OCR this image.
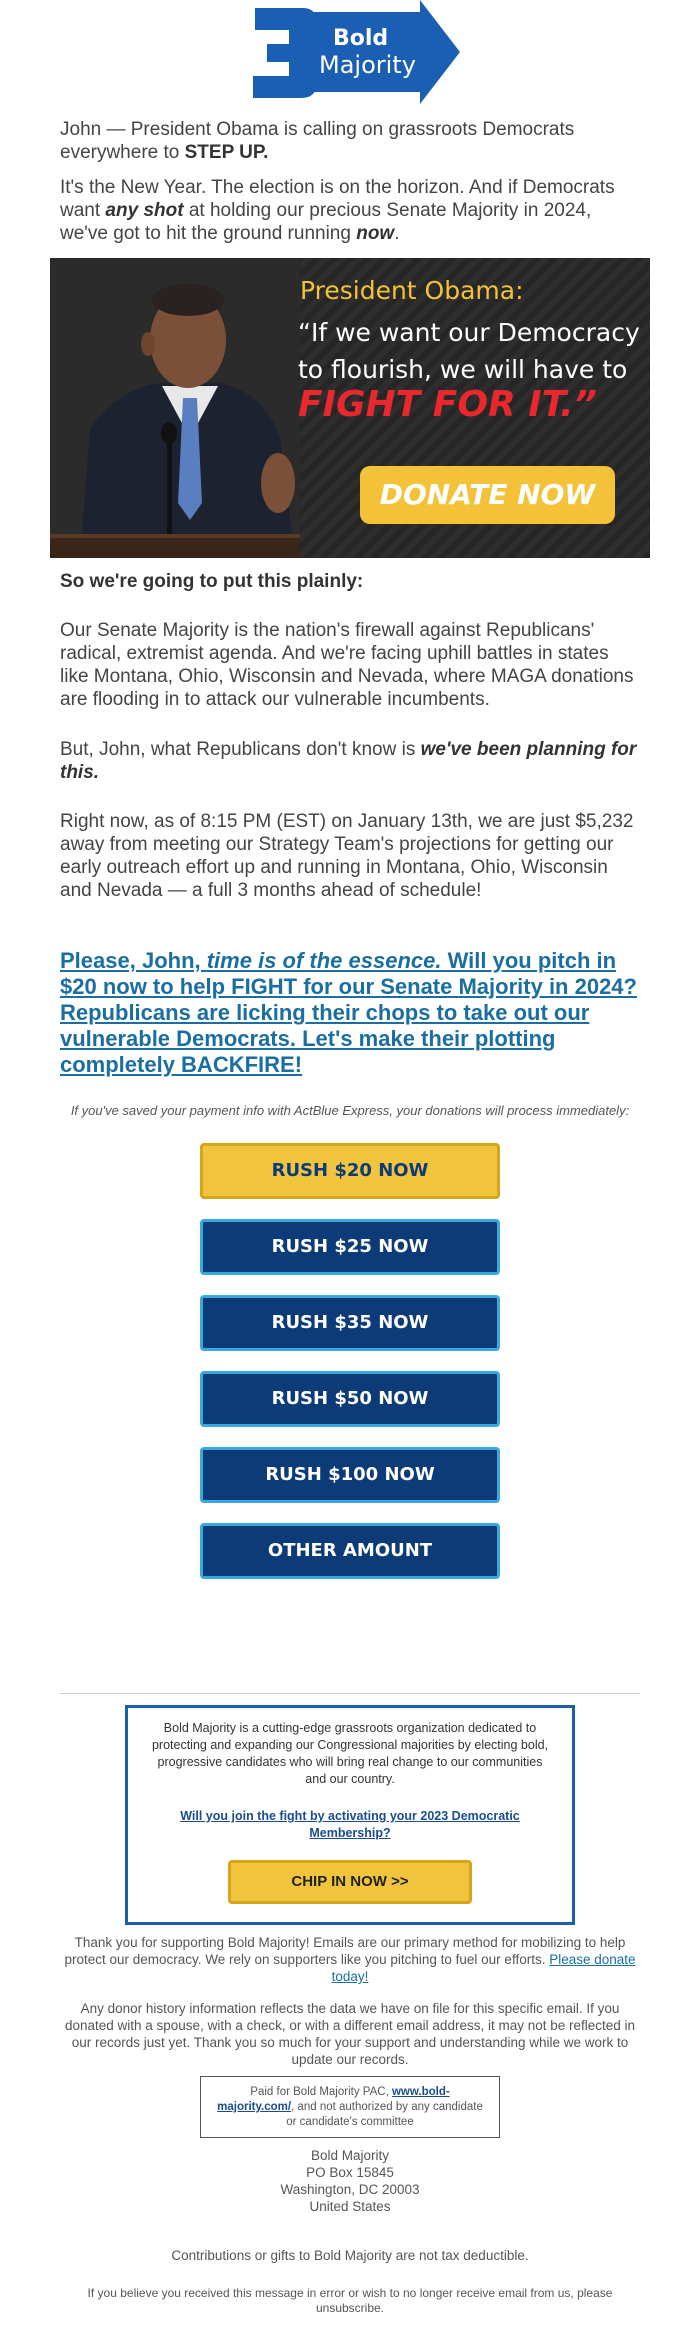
Bold
Majority

John — President Obama is calling on grassroots Democrats everywhere to STEP UP.

It's the New Year. The election is on the horizon. And if Democrats want any shot at holding our precious Senate Majority in 2024, we've got to hit the ground running now.

President Obama:
“If we want our Democracy to flourish, we will have to
FIGHT FOR IT.”
DONATE NOW

So we're going to put this plainly:

Our Senate Majority is the nation's firewall against Republicans' radical, extremist agenda. And we're facing uphill battles in states like Montana, Ohio, Wisconsin and Nevada, where MAGA donations are flooding in to attack our vulnerable incumbents.

But, John, what Republicans don't know is we've been planning for this.

Right now, as of 8:15 PM (EST) on January 13th, we are just $5,232 away from meeting our Strategy Team's projections for getting our early outreach effort up and running in Montana, Ohio, Wisconsin and Nevada — a full 3 months ahead of schedule!

Please, John, time is of the essence. Will you pitch in $20 now to help FIGHT for our Senate Majority in 2024? Republicans are licking their chops to take out our vulnerable Democrats. Let's make their plotting completely BACKFIRE!
If you've saved your payment info with ActBlue Express, your donations will process immediately:
RUSH $20 NOW
RUSH $25 NOW
RUSH $35 NOW
RUSH $50 NOW
RUSH $100 NOW
OTHER AMOUNT
Bold Majority is a cutting-edge grassroots organization dedicated to protecting and expanding our Congressional majorities by electing bold, progressive candidates who will bring real change to our communities and our country.
Will you join the fight by activating your 2023 Democratic Membership?
CHIP IN NOW >>
Thank you for supporting Bold Majority! Emails are our primary method for mobilizing to help protect our democracy. We rely on supporters like you pitching to fuel our efforts. Please donate today!
Any donor history information reflects the data we have on file for this specific email. If you donated with a spouse, with a check, or with a different email address, it may not be reflected in our records just yet. Thank you so much for your support and understanding while we work to update our records.
Paid for Bold Majority PAC, www.bold-majority.com/, and not authorized by any candidate or candidate's committee
Bold Majority
PO Box 15845
Washington, DC 20003
United States
Contributions or gifts to Bold Majority are not tax deductible.
If you believe you received this message in error or wish to no longer receive email from us, please unsubscribe.
